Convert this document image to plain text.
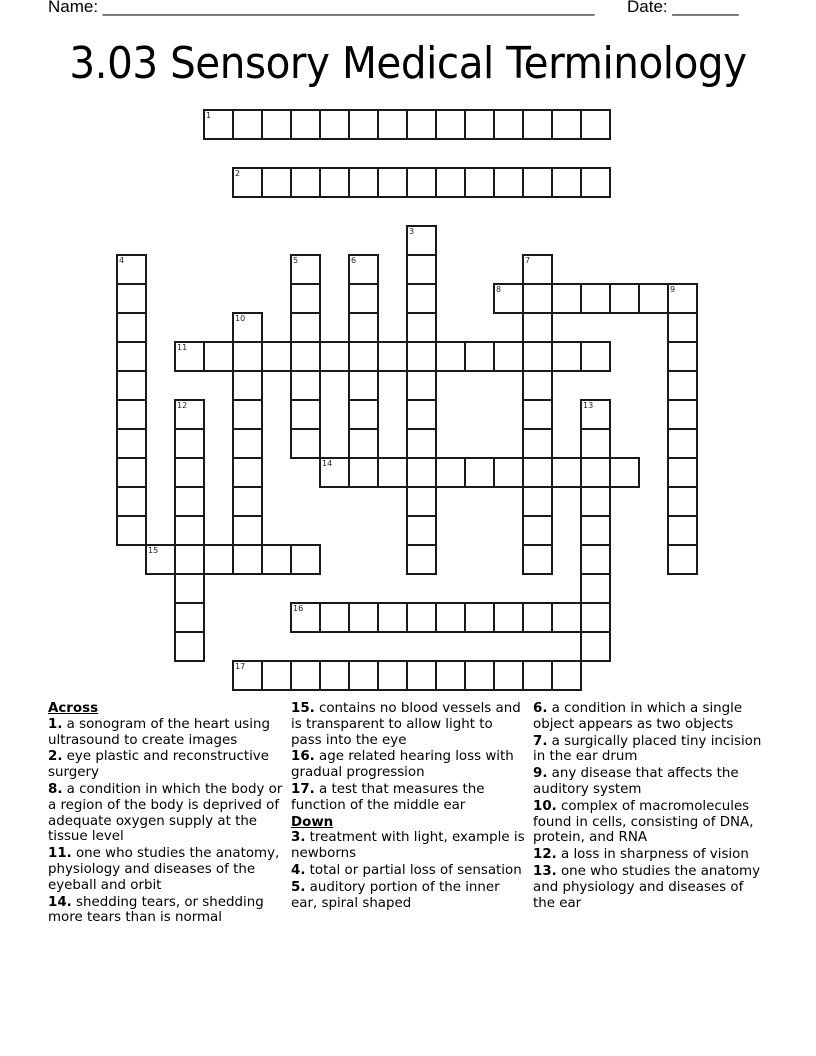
Name: ____________________________________________________ Date: _______
3.03 Sensory Medical Terminology
1
2
3
4	5	6	7
8	9
10
11
12	13
14
15
16
17
Across
1. a sonogram of the heart using ultrasound to create images
2. eye plastic and reconstructive surgery
8. a condition in which the body or a region of the body is deprived of adequate oxygen supply at the tissue level
11. one who studies the anatomy, physiology and diseases of the eyeball and orbit
14. shedding tears, or shedding more tears than is normal
15. contains no blood vessels and is transparent to allow light to pass into the eye
16. age related hearing loss with gradual progression
17. a test that measures the function of the middle ear
Down
3. treatment with light, example is newborns
4. total or partial loss of sensation
5. auditory portion of the inner ear, spiral shaped
6. a condition in which a single object appears as two objects
7. a surgically placed tiny incision in the ear drum
9. any disease that affects the auditory system
10. complex of macromolecules found in cells, consisting of DNA, protein, and RNA
12. a loss in sharpness of vision
13. one who studies the anatomy and physiology and diseases of the ear
